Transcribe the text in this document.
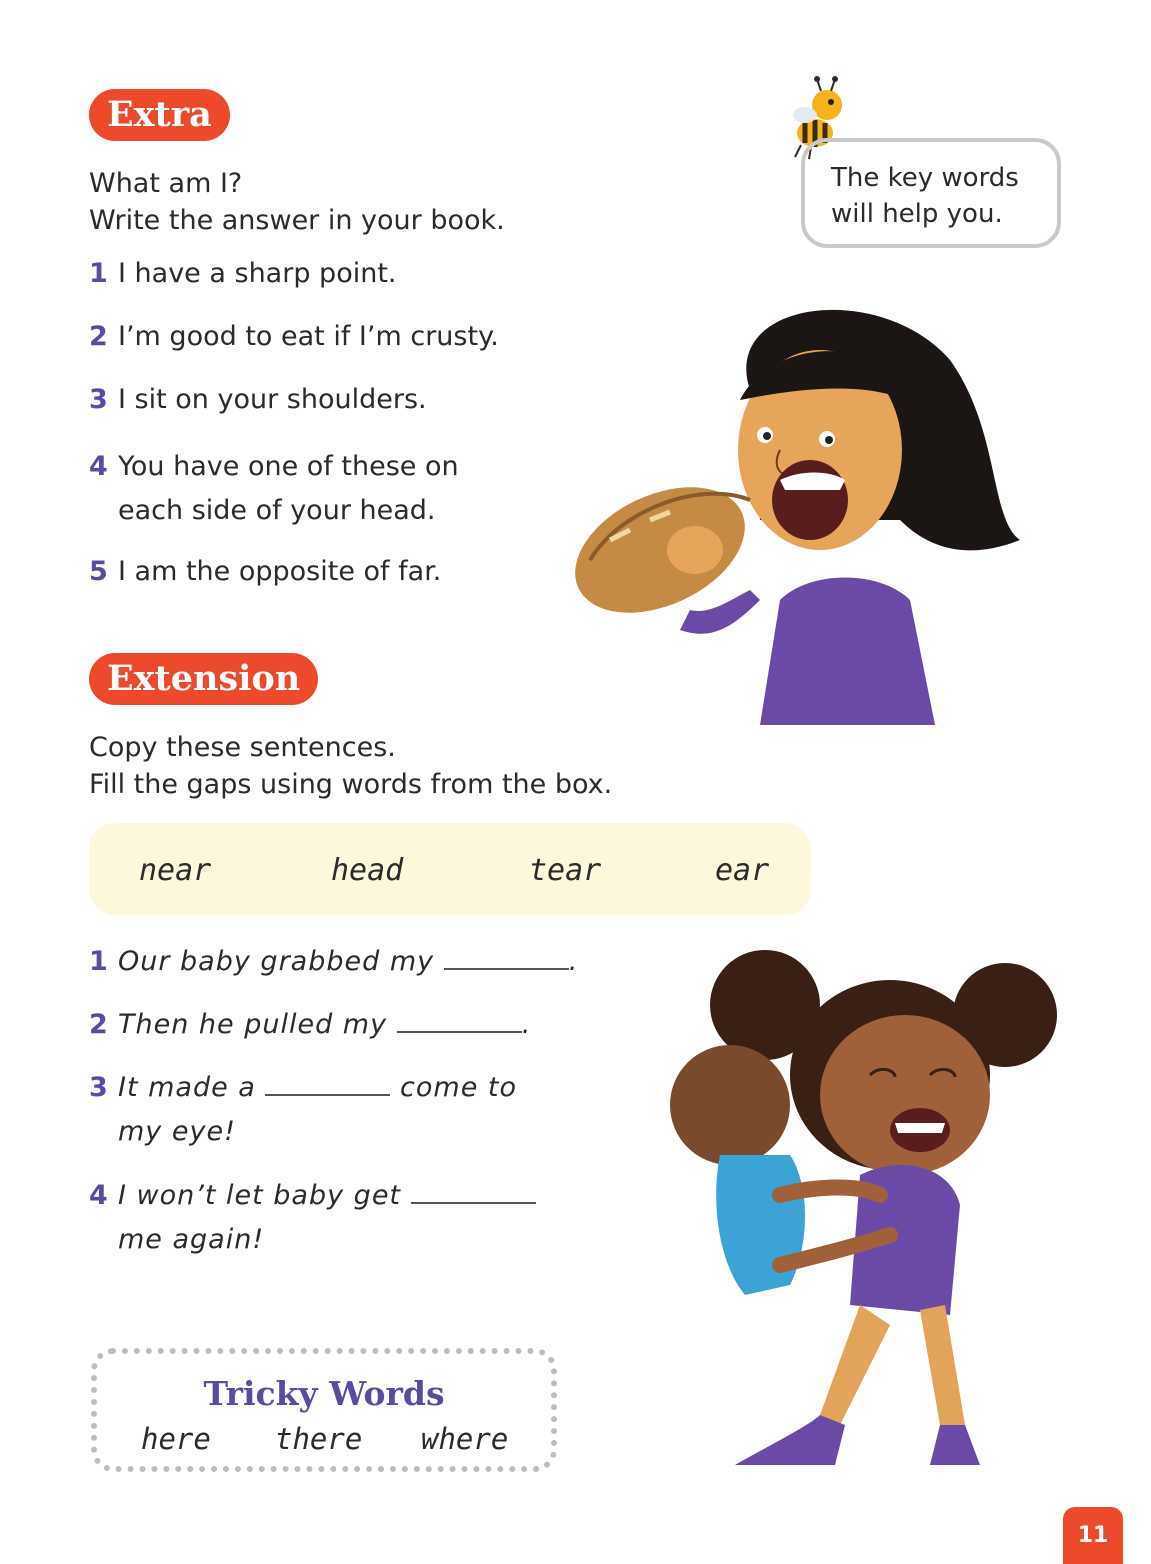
Extra
What am I?
Write the answer in your book.
1 I have a sharp point.
2 I’m good to eat if I’m crusty.
3 I sit on your shoulders.
4 You have one of these on
each side of your head.
5 I am the opposite of far.
The key words
will help you.
Extension
Copy these sentences.
Fill the gaps using words from the box.
near	head	tear	ear
1 Our baby grabbed my	.
2 Then he pulled my	.
3 It made a	come to
my eye!
4 I won’t let baby get
me again!
Tricky Words
here there where
11
